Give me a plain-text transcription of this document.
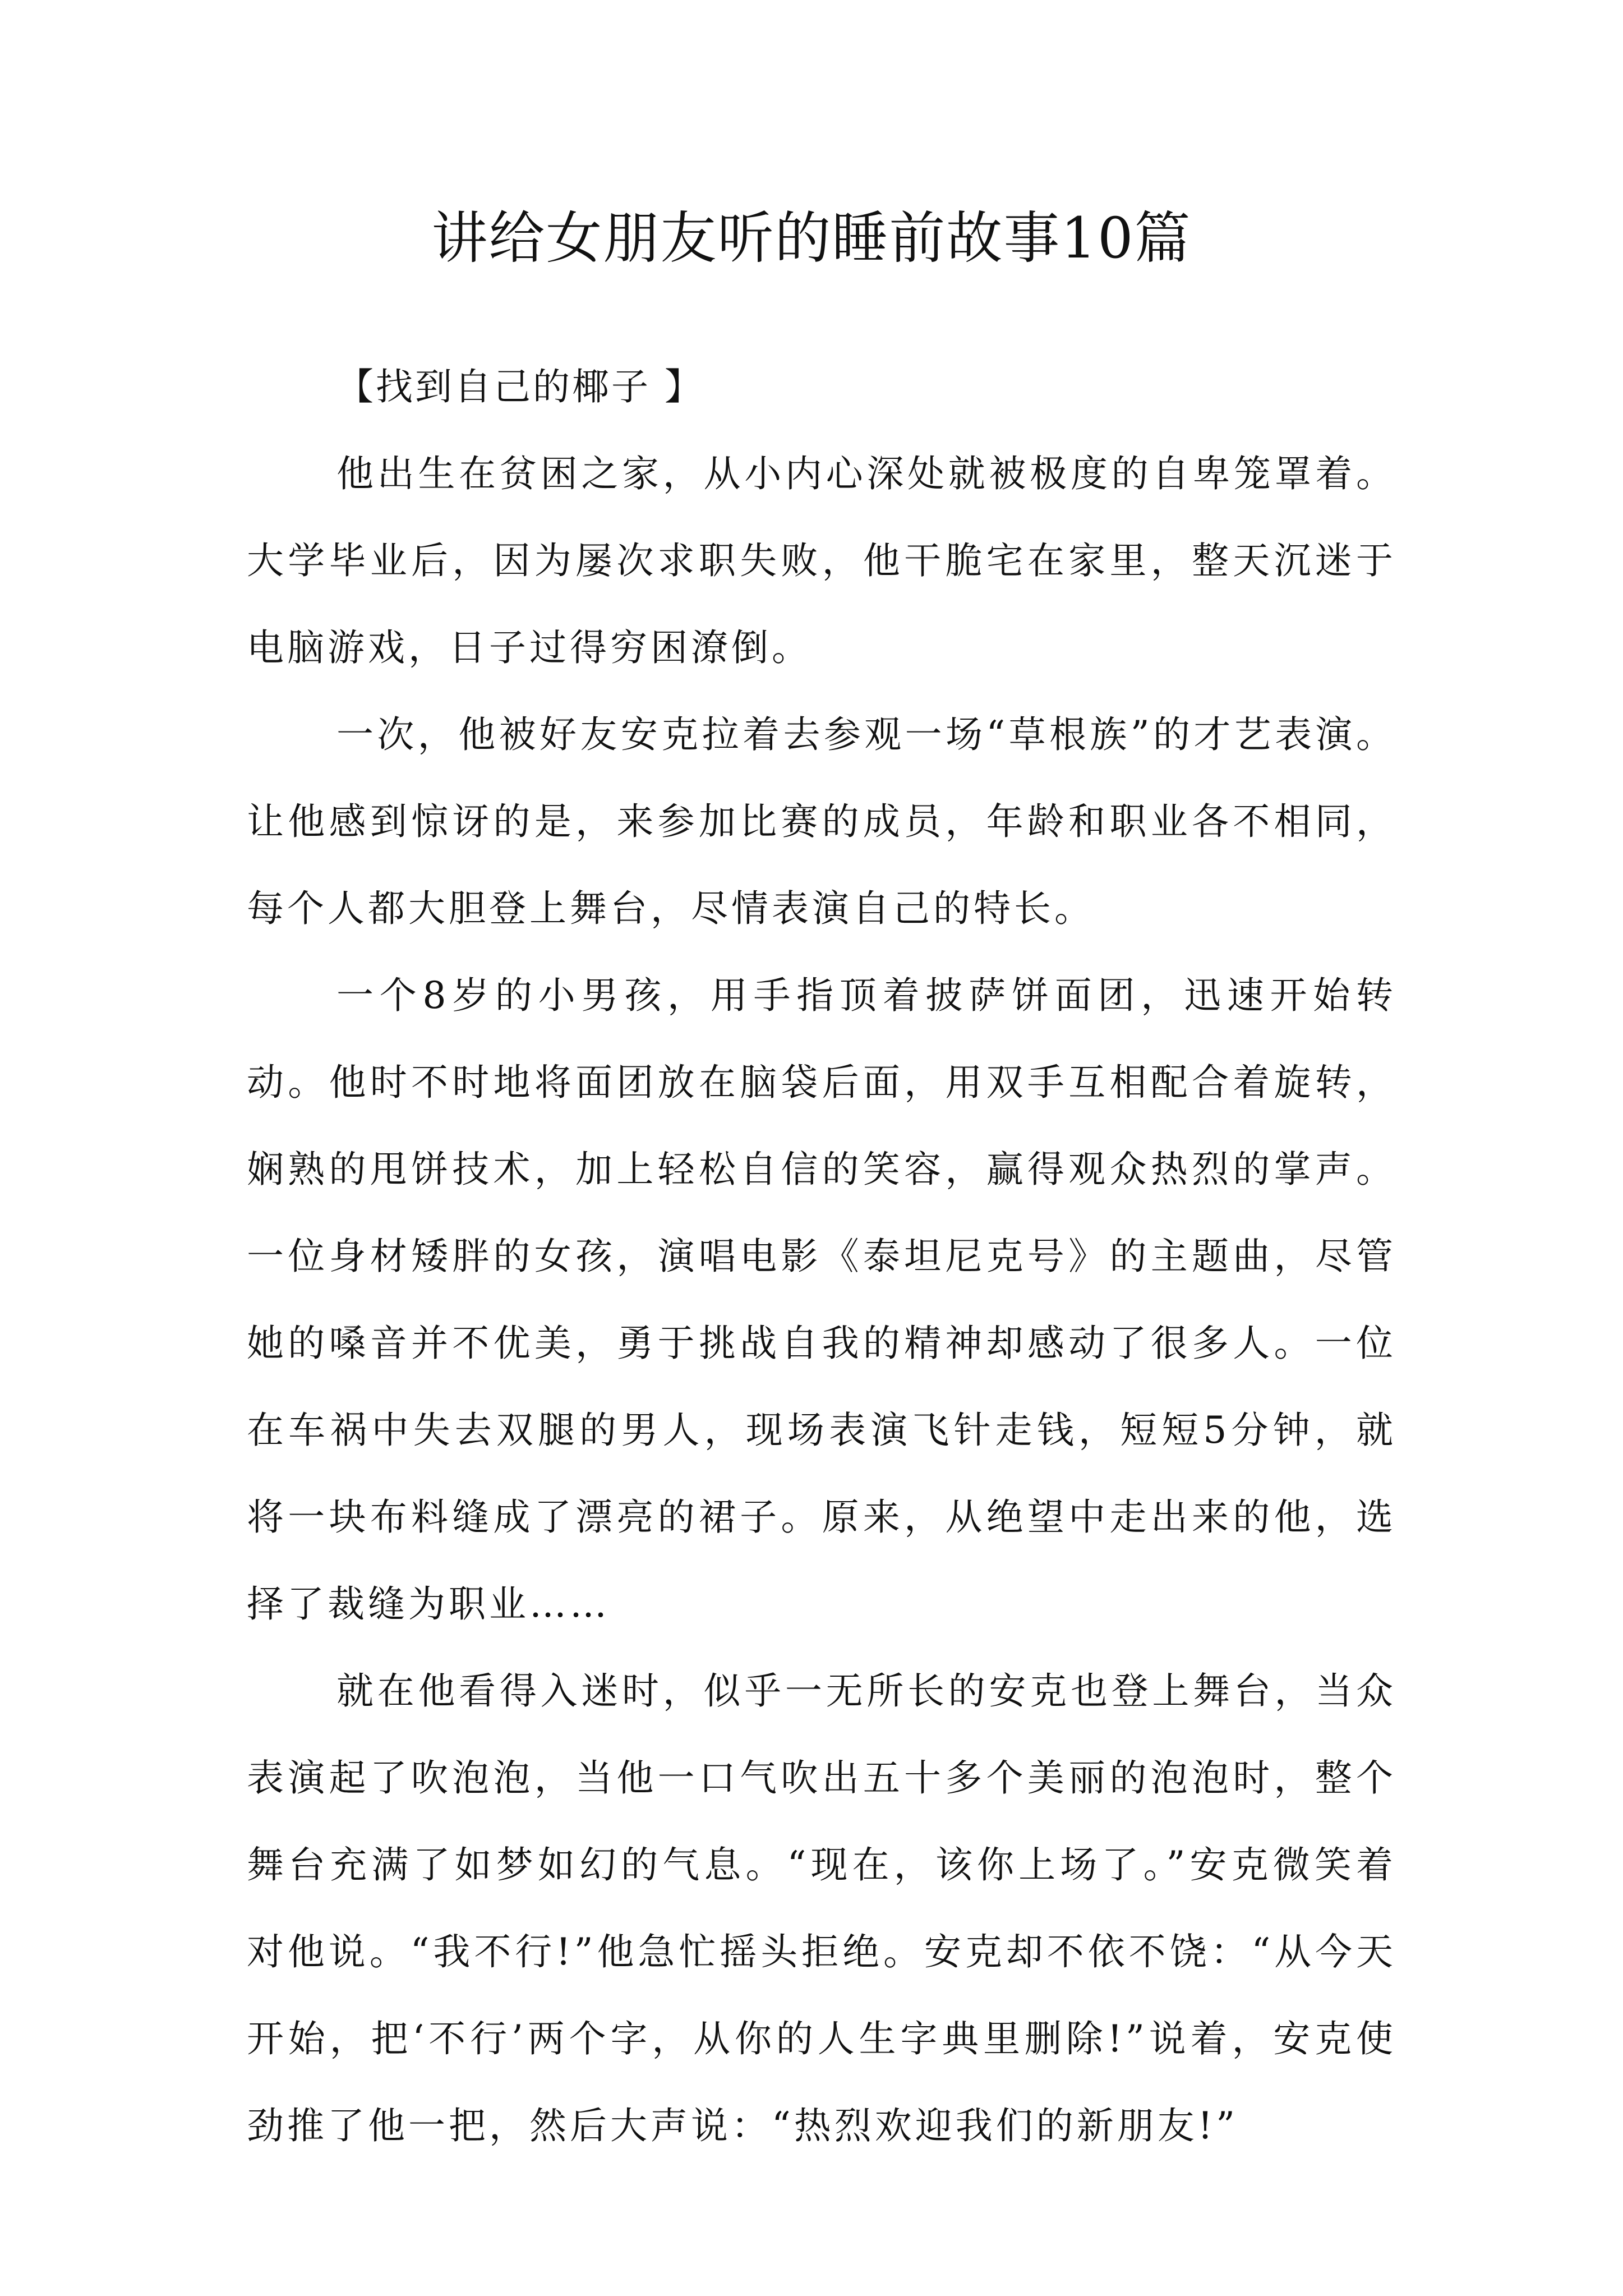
讲给女朋友听的睡前故事10篇

【找到自己的椰子 】

他出生在贫困之家，从小内心深处就被极度的自卑笼罩着。大学毕业后，因为屡次求职失败，他干脆宅在家里，整天沉迷于电脑游戏，日子过得穷困潦倒。

一次，他被好友安克拉着去参观一场“草根族”的才艺表演。让他感到惊讶的是，来参加比赛的成员，年龄和职业各不相同，每个人都大胆登上舞台，尽情表演自己的特长。

一个8岁的小男孩，用手指顶着披萨饼面团，迅速开始转动。他时不时地将面团放在脑袋后面，用双手互相配合着旋转，娴熟的甩饼技术，加上轻松自信的笑容，赢得观众热烈的掌声。一位身材矮胖的女孩，演唱电影《泰坦尼克号》的主题曲，尽管她的嗓音并不优美，勇于挑战自我的精神却感动了很多人。一位在车祸中失去双腿的男人，现场表演飞针走钱，短短5分钟，就将一块布料缝成了漂亮的裙子。原来，从绝望中走出来的他，选择了裁缝为职业……

就在他看得入迷时，似乎一无所长的安克也登上舞台，当众表演起了吹泡泡，当他一口气吹出五十多个美丽的泡泡时，整个舞台充满了如梦如幻的气息。“现在，该你上场了。”安克微笑着对他说。“我不行!”他急忙摇头拒绝。安克却不依不饶：“从今天开始，把‘不行’两个字，从你的人生字典里删除!”说着，安克使劲推了他一把，然后大声说：“热烈欢迎我们的新朋友!”
